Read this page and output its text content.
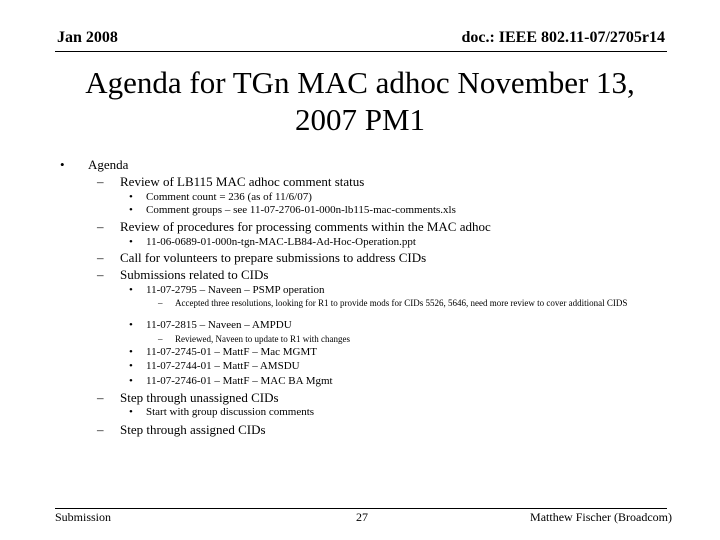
Jan 2008	doc.: IEEE 802.11-07/2705r14
Agenda for TGn MAC adhoc November 13,
2007 PM1
• Agenda
– Review of LB115 MAC adhoc comment status
• Comment count = 236 (as of 11/6/07)
• Comment groups – see 11-07-2706-01-000n-lb115-mac-comments.xls
– Review of procedures for processing comments within the MAC adhoc
• 11-06-0689-01-000n-tgn-MAC-LB84-Ad-Hoc-Operation.ppt
– Call for volunteers to prepare submissions to address CIDs
– Submissions related to CIDs
• 11-07-2795 – Naveen – PSMP operation
– Accepted three resolutions, looking for R1 to provide mods for CIDs 5526, 5646, need more review to cover additional CIDS
• 11-07-2815 – Naveen – AMPDU
– Reviewed, Naveen to update to R1 with changes
• 11-07-2745-01 – MattF – Mac MGMT
• 11-07-2744-01 – MattF – AMSDU
• 11-07-2746-01 – MattF – MAC BA Mgmt
– Step through unassigned CIDs
• Start with group discussion comments
– Step through assigned CIDs
Submission	27	Matthew Fischer (Broadcom)
